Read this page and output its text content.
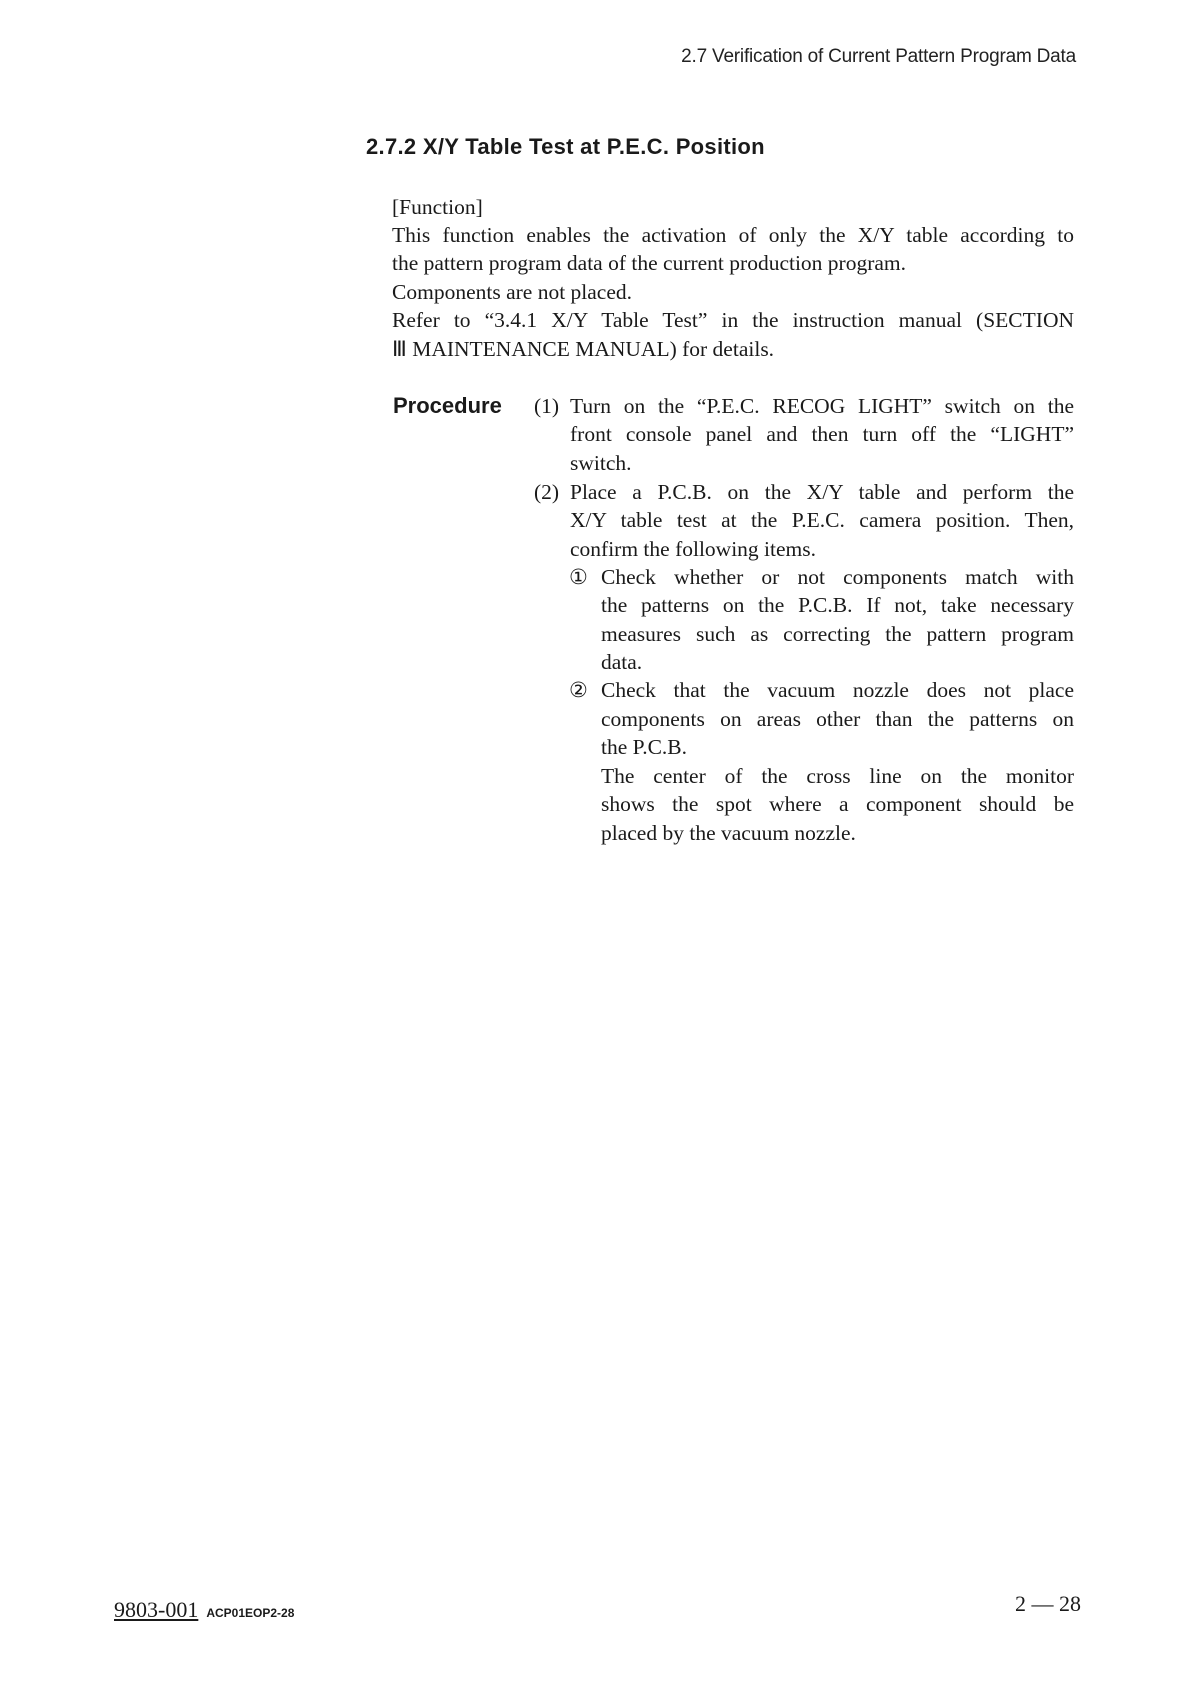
2.7 Verification of Current Pattern Program Data
2.7.2 X/Y Table Test at P.E.C. Position
[Function]
This function enables the activation of only the X/Y table according to
the pattern program data of the current production program.
Components are not placed.
Refer to “3.4.1 X/Y Table Test” in the instruction manual (SECTION
Ⅲ MAINTENANCE MANUAL) for details.
Procedure (1) Turn on the “P.E.C. RECOG LIGHT” switch on the
front console panel and then turn off the “LIGHT”
switch.
(2) Place a P.C.B. on the X/Y table and perform the
X/Y table test at the P.E.C. camera position. Then,
confirm the following items.
① Check whether or not components match with
the patterns on the P.C.B. If not, take necessary
measures such as correcting the pattern program
data.
② Check that the vacuum nozzle does not place
components on areas other than the patterns on
the P.C.B.
The center of the cross line on the monitor
shows the spot where a component should be
placed by the vacuum nozzle.
9803-001 ACP01EOP2-28	2 — 28
